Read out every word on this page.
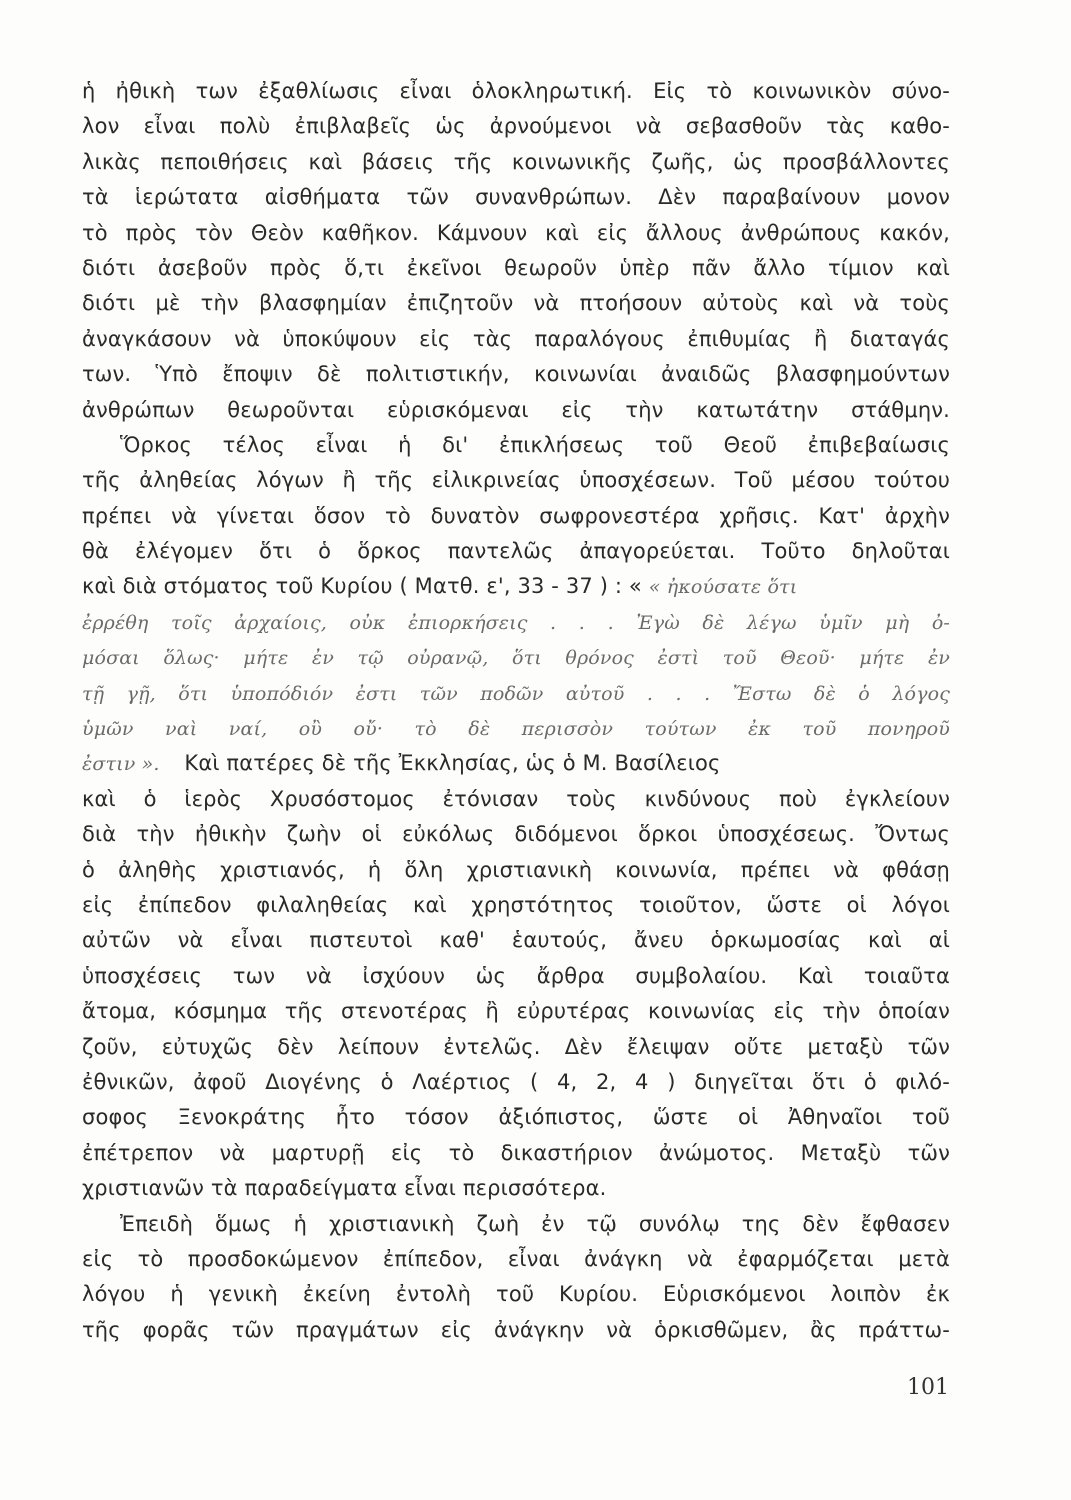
ἡ ἠθικὴ των ἐξαθλίωσις εἶναι ὁλοκληρωτική. Εἰς τὸ κοινωνικὸν σύνο-
λον εἶναι πολὺ ἐπιβλαβεῖς ὡς ἀρνούμενοι νὰ σεβασθοῦν τὰς καθο-
λικὰς πεποιθήσεις καὶ βάσεις τῆς κοινωνικῆς ζωῆς, ὡς προσβάλλοντες
τὰ ἱερώτατα αἰσθήματα τῶν συνανθρώπων. Δὲν παραβαίνουν μονον
τὸ πρὸς τὸν Θεὸν καθῆκον. Κάμνουν καὶ εἰς ἄλλους ἀνθρώπους κακόν,
διότι ἀσεβοῦν πρὸς ὅ,τι ἐκεῖνοι θεωροῦν ὑπὲρ πᾶν ἄλλο τίμιον καὶ
διότι μὲ τὴν βλασφημίαν ἐπιζητοῦν νὰ πτοήσουν αὐτοὺς καὶ νὰ τοὺς
ἀναγκάσουν νὰ ὑποκύψουν εἰς τὰς παραλόγους ἐπιθυμίας ἢ διαταγάς
των. Ὑπὸ ἔποψιν δὲ πολιτιστικήν, κοινωνίαι ἀναιδῶς βλασφημούντων
ἀνθρώπων θεωροῦνται εὑρισκόμεναι εἰς τὴν κατωτάτην στάθμην.
Ὅρκος τέλος εἶναι ἡ δι' ἐπικλήσεως τοῦ Θεοῦ ἐπιβεβαίωσις
τῆς ἀληθείας λόγων ἢ τῆς εἰλικρινείας ὑποσχέσεων. Τοῦ μέσου τούτου
πρέπει νὰ γίνεται ὅσον τὸ δυνατὸν σωφρονεστέρα χρῆσις. Κατ' ἀρχὴν
θὰ ἐλέγομεν ὅτι ὁ ὅρκος παντελῶς ἀπαγορεύεται. Τοῦτο δηλοῦται
καὶ διὰ στόματος τοῦ Κυρίου ( Ματθ. ε', 33 - 37 ) : « « ἠκούσατε ὅτι
ἐρρέθη τοῖς ἀρχαίοις, οὐκ ἐπιορκήσεις . . . Ἐγὼ δὲ λέγω ὑμῖν μὴ ὀ-
μόσαι ὅλως· μήτε ἐν τῷ οὐρανῷ, ὅτι θρόνος ἐστὶ τοῦ Θεοῦ· μήτε ἐν
τῇ γῇ, ὅτι ὑποπόδιόν ἐστι τῶν ποδῶν αὐτοῦ . . . Ἔστω δὲ ὁ λόγος
ὑμῶν ναὶ ναί, οὒ οὔ· τὸ δὲ περισσὸν τούτων ἐκ τοῦ πονηροῦ
ἐστιν ». Καὶ πατέρες δὲ τῆς Ἐκκλησίας, ὡς ὁ Μ. Βασίλειος
καὶ ὁ ἱερὸς Χρυσόστομος ἐτόνισαν τοὺς κινδύνους ποὺ ἐγκλείουν
διὰ τὴν ἠθικὴν ζωὴν οἱ εὐκόλως διδόμενοι ὅρκοι ὑποσχέσεως. Ὄντως
ὁ ἀληθὴς χριστιανός, ἡ ὅλη χριστιανικὴ κοινωνία, πρέπει νὰ φθάσῃ
εἰς ἐπίπεδον φιλαληθείας καὶ χρηστότητος τοιοῦτον, ὥστε οἱ λόγοι
αὐτῶν νὰ εἶναι πιστευτοὶ καθ' ἑαυτούς, ἄνευ ὁρκωμοσίας καὶ αἱ
ὑποσχέσεις των νὰ ἰσχύουν ὡς ἄρθρα συμβολαίου. Καὶ τοιαῦτα
ἄτομα, κόσμημα τῆς στενοτέρας ἢ εὐρυτέρας κοινωνίας εἰς τὴν ὁποίαν
ζοῦν, εὐτυχῶς δὲν λείπουν ἐντελῶς. Δὲν ἔλειψαν οὔτε μεταξὺ τῶν
ἐθνικῶν, ἀφοῦ Διογένης ὁ Λαέρτιος ( 4, 2, 4 ) διηγεῖται ὅτι ὁ φιλό-
σοφος Ξενοκράτης ἦτο τόσον ἀξιόπιστος, ὥστε οἱ Ἀθηναῖοι τοῦ
ἐπέτρεπον νὰ μαρτυρῇ εἰς τὸ δικαστήριον ἀνώμοτος. Μεταξὺ τῶν
χριστιανῶν τὰ παραδείγματα εἶναι περισσότερα.
Ἐπειδὴ ὅμως ἡ χριστιανικὴ ζωὴ ἐν τῷ συνόλῳ της δὲν ἔφθασεν
εἰς τὸ προσδοκώμενον ἐπίπεδον, εἶναι ἀνάγκη νὰ ἐφαρμόζεται μετὰ
λόγου ἡ γενικὴ ἐκείνη ἐντολὴ τοῦ Κυρίου. Εὑρισκόμενοι λοιπὸν ἐκ
τῆς φορᾶς τῶν πραγμάτων εἰς ἀνάγκην νὰ ὁρκισθῶμεν, ἂς πράττω-
101
